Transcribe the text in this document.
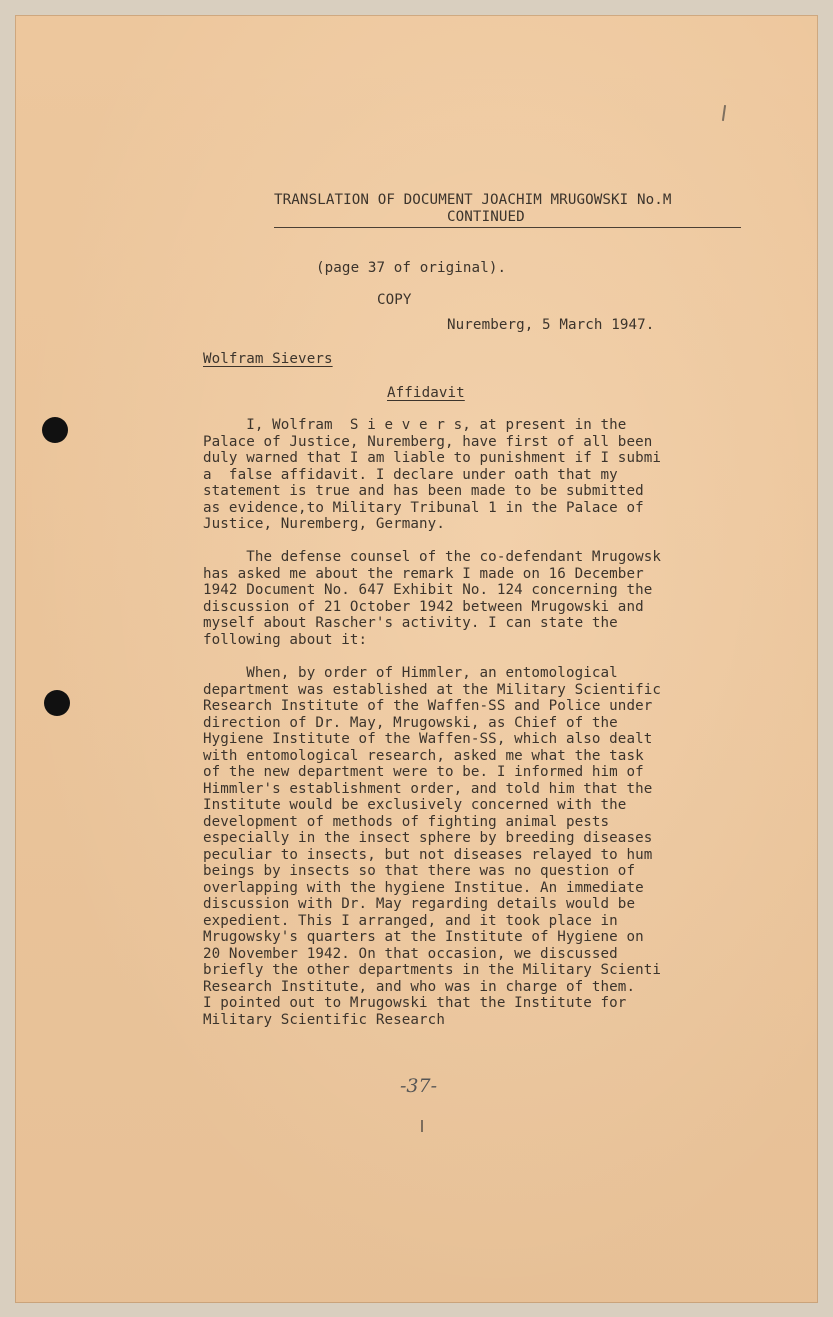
TRANSLATION OF DOCUMENT JOACHIM MRUGOWSKI No.M
CONTINUED
(page 37 of original).
COPY
Nuremberg, 5 March 1947.
Wolfram Sievers
Affidavit
I, Wolfram  S i e v e r s, at present in the
Palace of Justice, Nuremberg, have first of all been
duly warned that I am liable to punishment if I submi
a  false affidavit. I declare under oath that my
statement is true and has been made to be submitted
as evidence,to Military Tribunal 1 in the Palace of
Justice, Nuremberg, Germany.
The defense counsel of the co-defendant Mrugowsk
has asked me about the remark I made on 16 December
1942 Document No. 647 Exhibit No. 124 concerning the
discussion of 21 October 1942 between Mrugowski and
myself about Rascher's activity. I can state the
following about it:
When, by order of Himmler, an entomological
department was established at the Military Scientific
Research Institute of the Waffen-SS and Police under
direction of Dr. May, Mrugowski, as Chief of the
Hygiene Institute of the Waffen-SS, which also dealt
with entomological research, asked me what the task
of the new department were to be. I informed him of
Himmler's establishment order, and told him that the
Institute would be exclusively concerned with the
development of methods of fighting animal pests
especially in the insect sphere by breeding diseases
peculiar to insects, but not diseases relayed to hum
beings by insects so that there was no question of
overlapping with the hygiene Institue. An immediate
discussion with Dr. May regarding details would be
expedient. This I arranged, and it took place in
Mrugowsky's quarters at the Institute of Hygiene on
20 November 1942. On that occasion, we discussed
briefly the other departments in the Military Scienti
Research Institute, and who was in charge of them.
I pointed out to Mrugowski that the Institute for
Military Scientific Research
-37-
